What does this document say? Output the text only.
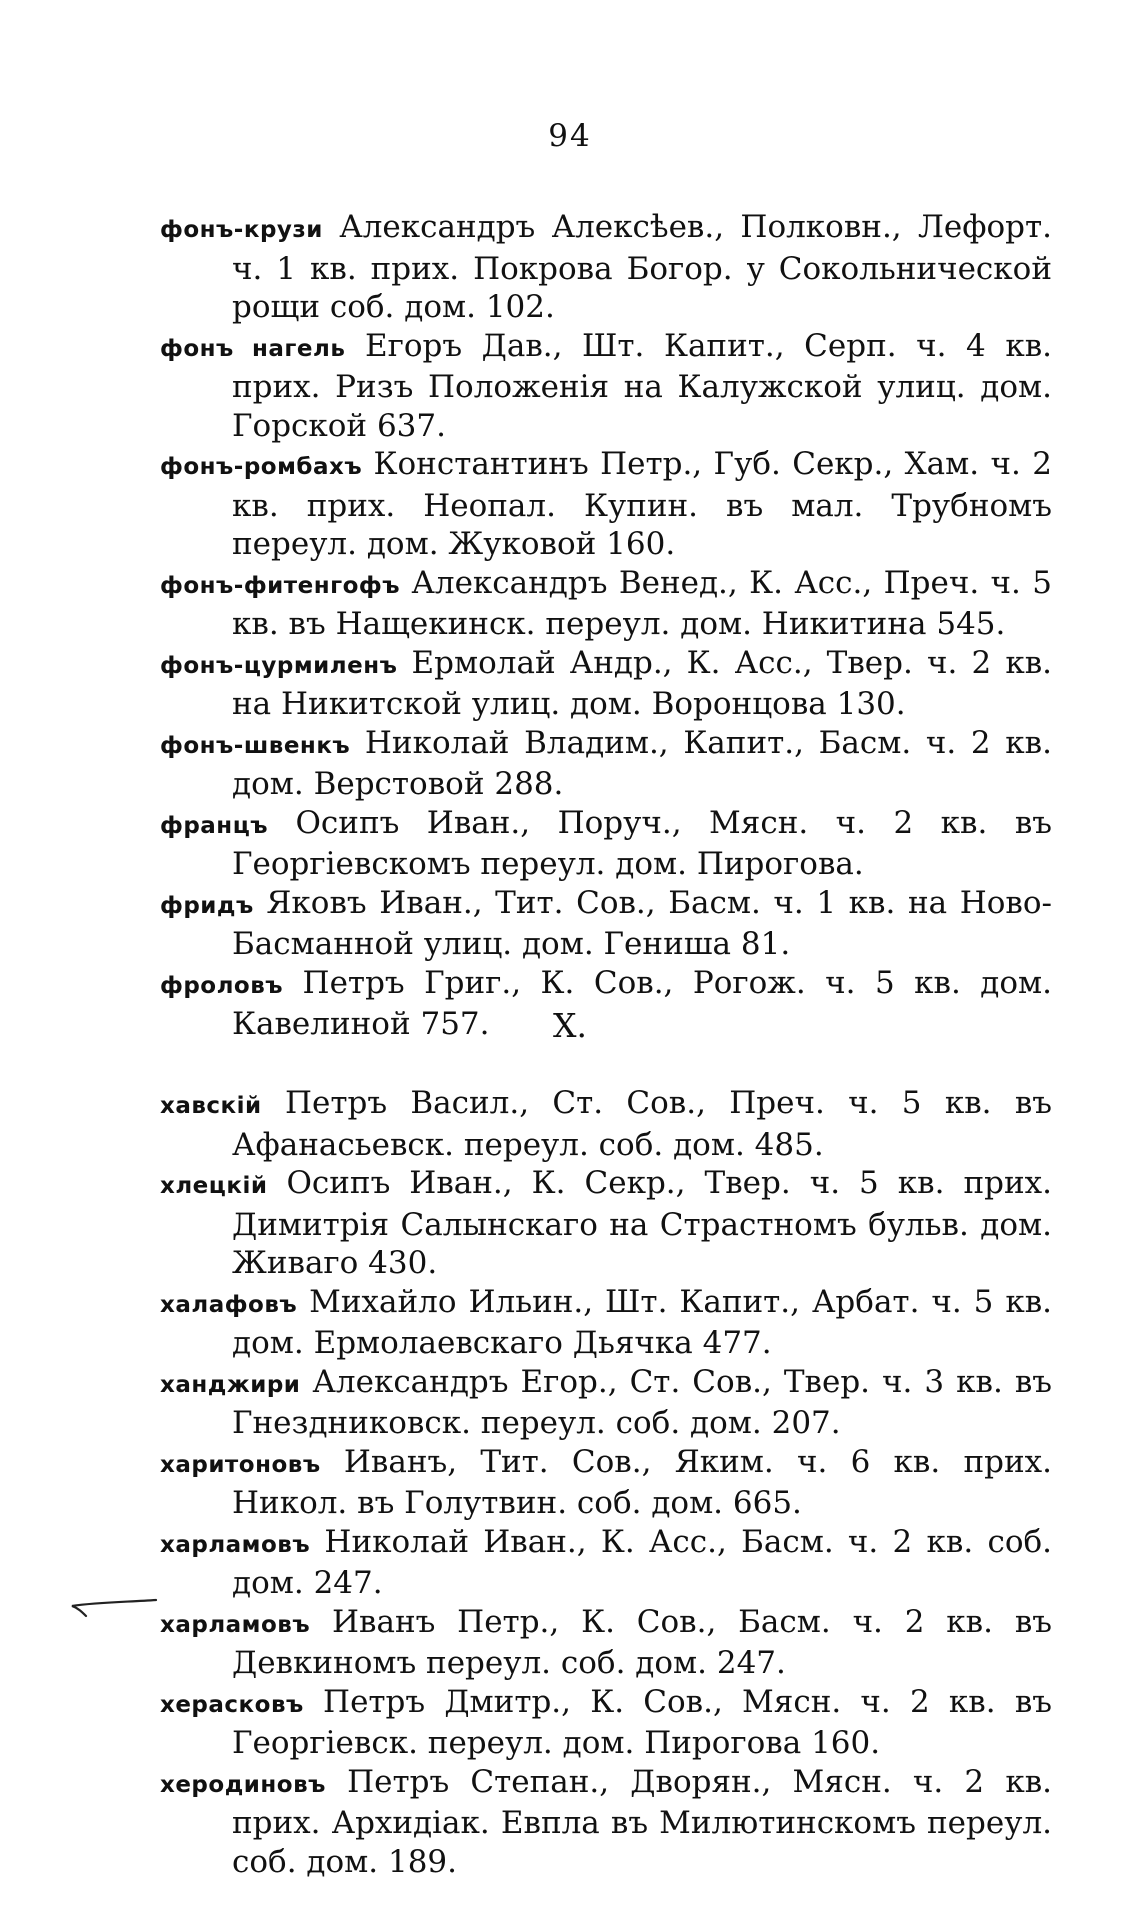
94

фонъ-крузи Александръ Алексѣев., Полковн., Лефорт. ч. 1 кв. прих. Покрова Богор. у Сокольнической рощи соб. дом. 102.

фонъ нагель Егоръ Дав., Шт. Капит., Серп. ч. 4 кв. прих. Ризъ Положенія на Калужской улиц. дом. Горской 637.

фонъ-ромбахъ Константинъ Петр., Губ. Секр., Хам. ч. 2 кв. прих. Неопал. Купин. въ мал. Трубномъ переул. дом. Жуковой 160.

фонъ-фитенгофъ Александръ Венед., К. Асс., Преч. ч. 5 кв. въ Нащекинск. переул. дом. Никитина 545.

фонъ-цурмиленъ Ермолай Андр., К. Асс., Твер. ч. 2 кв. на Никитской улиц. дом. Воронцова 130.

фонъ-швенкъ Николай Владим., Капит., Басм. ч. 2 кв. дом. Верстовой 288.

францъ Осипъ Иван., Поруч., Мясн. ч. 2 кв. въ Георгіевскомъ переул. дом. Пирогова.

фридъ Яковъ Иван., Тит. Сов., Басм. ч. 1 кв. на Ново-Басманной улиц. дом. Гениша 81.

фроловъ Петръ Григ., К. Сов., Рогож. ч. 5 кв. дом. Кавелиной 757.	Х.

хавскій Петръ Васил., Ст. Сов., Преч. ч. 5 кв. въ Афанасьевск. переул. соб. дом. 485.

хлецкій Осипъ Иван., К. Секр., Твер. ч. 5 кв. прих. Димитрія Салынскаго на Страстномъ бульв. дом. Живаго 430.

халафовъ Михайло Ильин., Шт. Капит., Арбат. ч. 5 кв. дом. Ермолаевскаго Дьячка 477.

ханджири Александръ Егор., Ст. Сов., Твер. ч. 3 кв. въ Гнездниковск. переул. соб. дом. 207.

харитоновъ Иванъ, Тит. Сов., Яким. ч. 6 кв. прих. Никол. въ Голутвин. соб. дом. 665.

харламовъ Николай Иван., К. Асс., Басм. ч. 2 кв. соб. дом. 247.

харламовъ Иванъ Петр., К. Сов., Басм. ч. 2 кв. въ Девкиномъ переул. соб. дом. 247.

херасковъ Петръ Дмитр., К. Сов., Мясн. ч. 2 кв. въ Георгіевск. переул. дом. Пирогова 160.

херодиновъ Петръ Степан., Дворян., Мясн. ч. 2 кв. прих. Архидіак. Евпла въ Милютинскомъ переул. соб. дом. 189.
